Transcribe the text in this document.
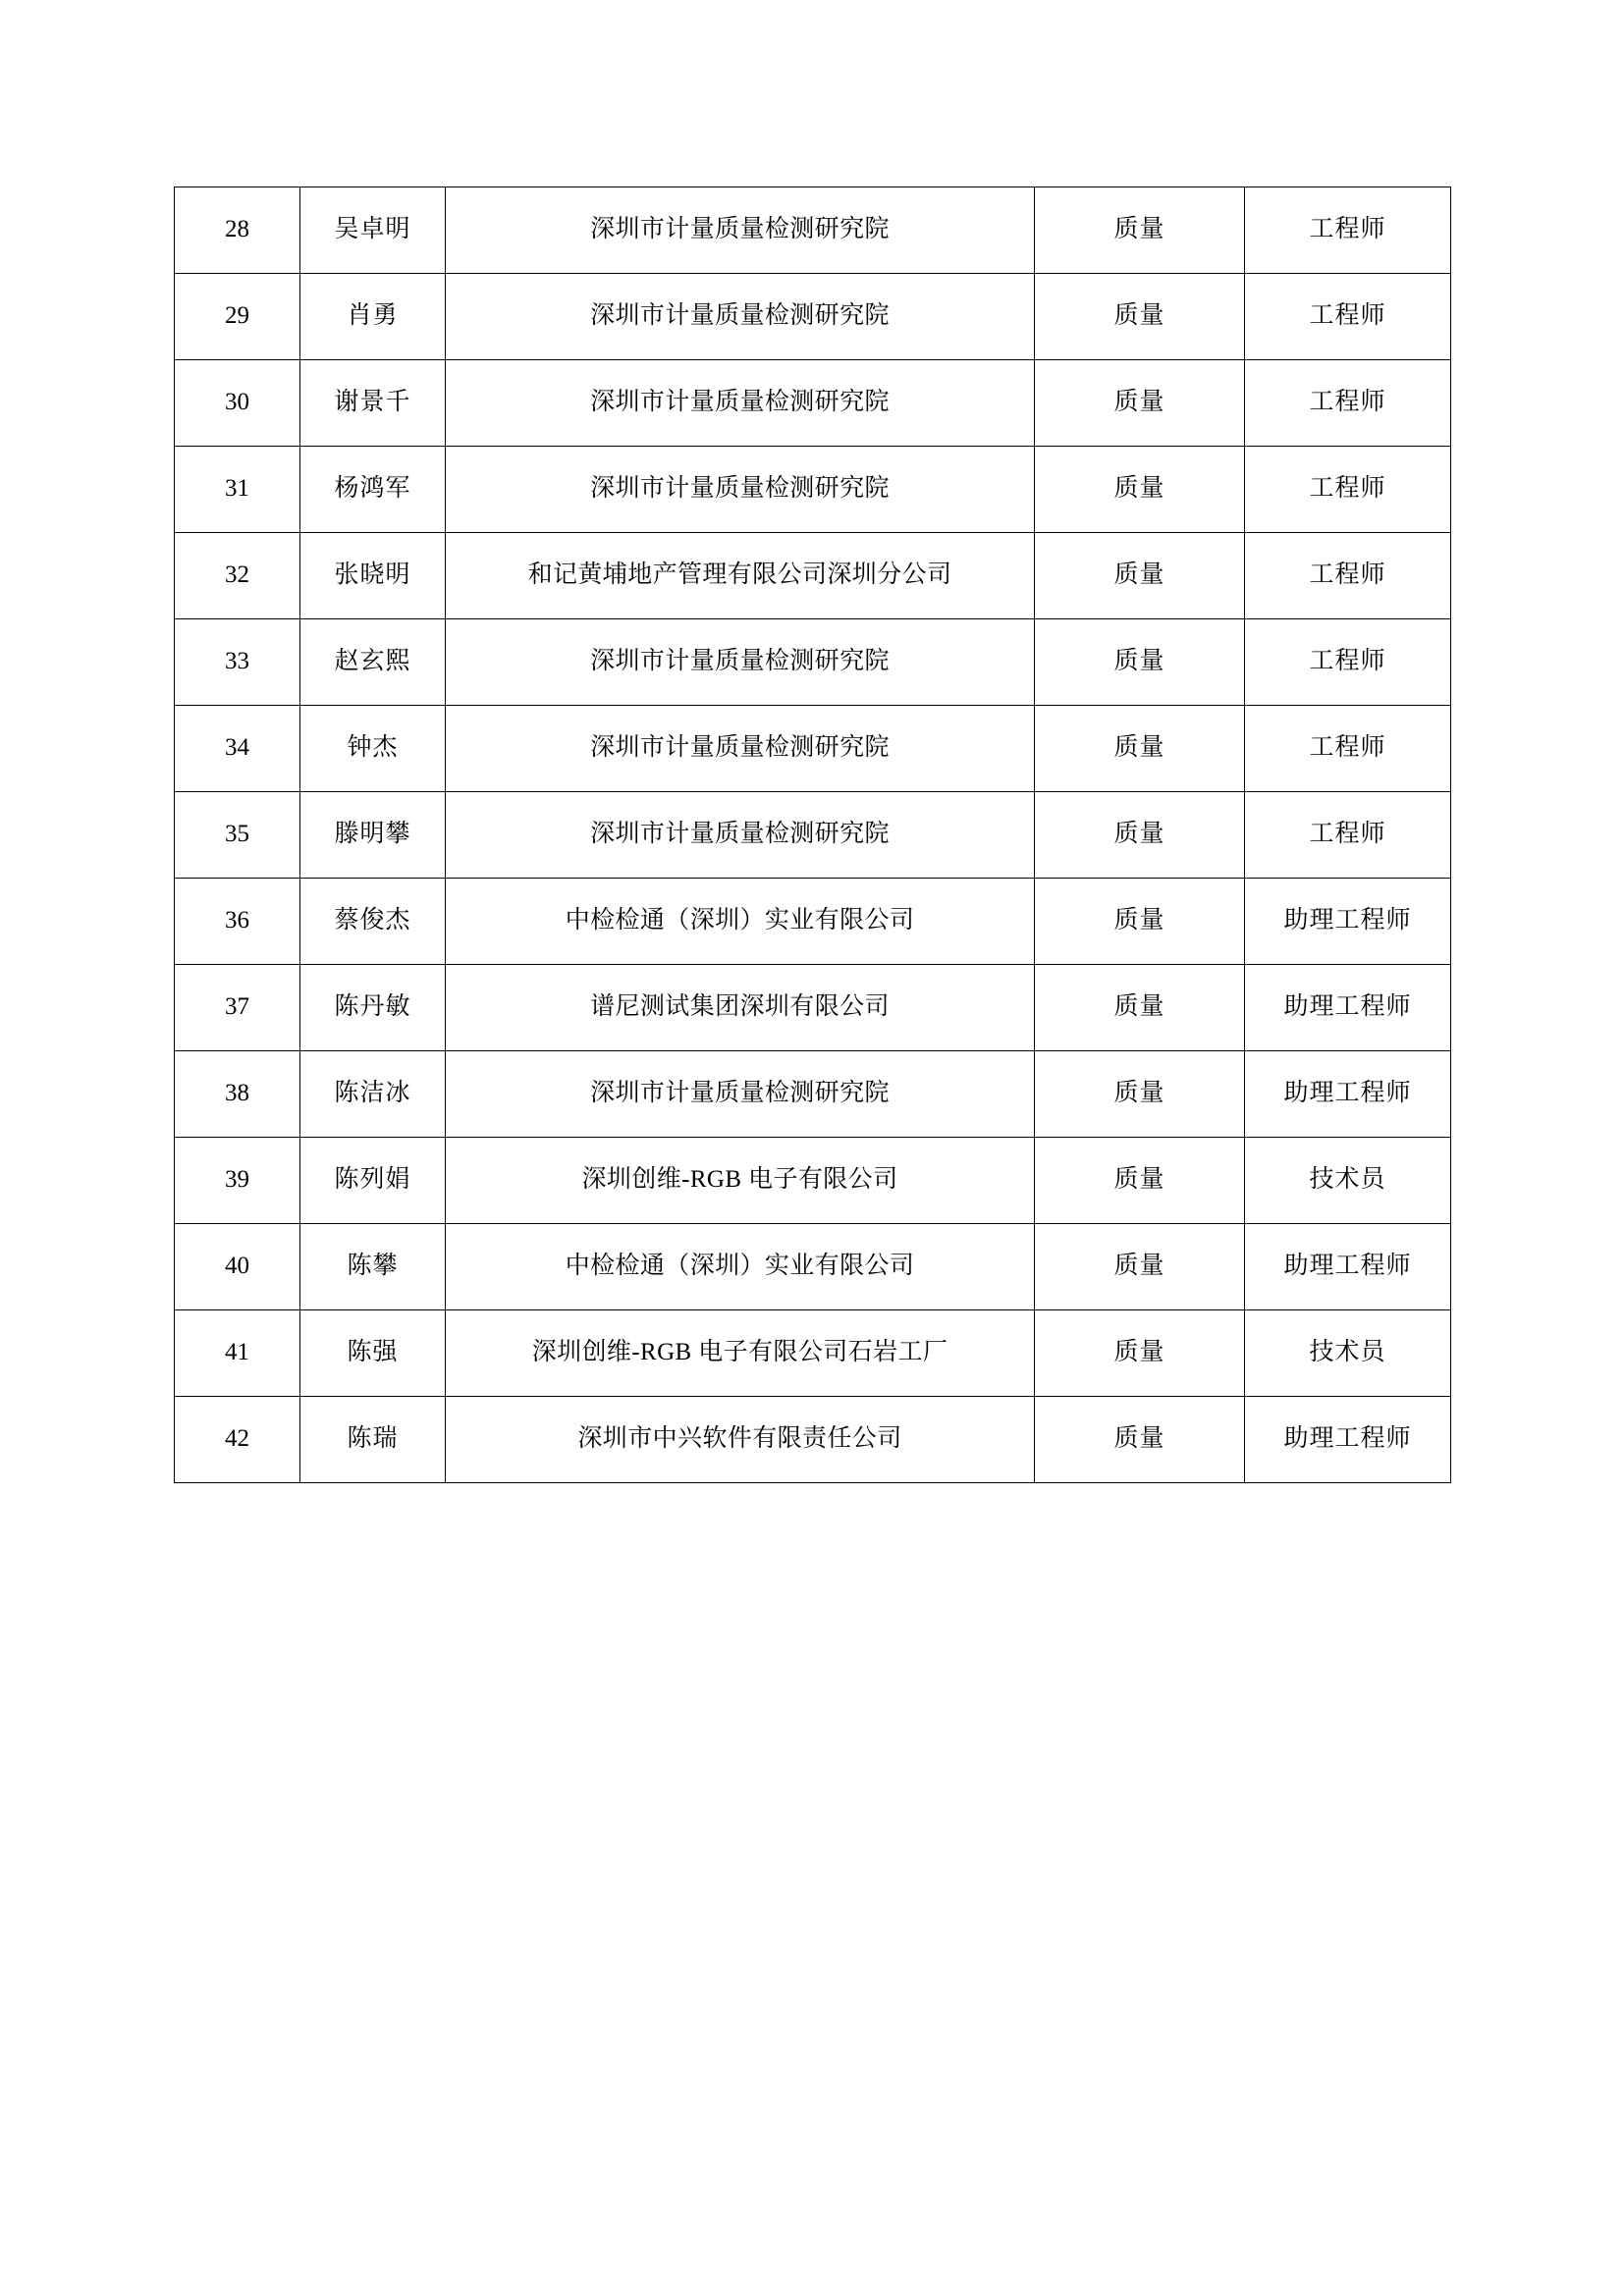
28	吴卓明	深圳市计量质量检测研究院	质量	工程师
29	肖勇	深圳市计量质量检测研究院	质量	工程师
30	谢景千	深圳市计量质量检测研究院	质量	工程师
31	杨鸿军	深圳市计量质量检测研究院	质量	工程师
32	张晓明	和记黄埔地产管理有限公司深圳分公司	质量	工程师
33	赵玄熙	深圳市计量质量检测研究院	质量	工程师
34	钟杰	深圳市计量质量检测研究院	质量	工程师
35	滕明攀	深圳市计量质量检测研究院	质量	工程师
36	蔡俊杰	中检检通（深圳）实业有限公司	质量	助理工程师
37	陈丹敏	谱尼测试集团深圳有限公司	质量	助理工程师
38	陈洁冰	深圳市计量质量检测研究院	质量	助理工程师
39	陈列娟	深圳创维-RGB 电子有限公司	质量	技术员
40	陈攀	中检检通（深圳）实业有限公司	质量	助理工程师
41	陈强	深圳创维-RGB 电子有限公司石岩工厂	质量	技术员
42	陈瑞	深圳市中兴软件有限责任公司	质量	助理工程师
